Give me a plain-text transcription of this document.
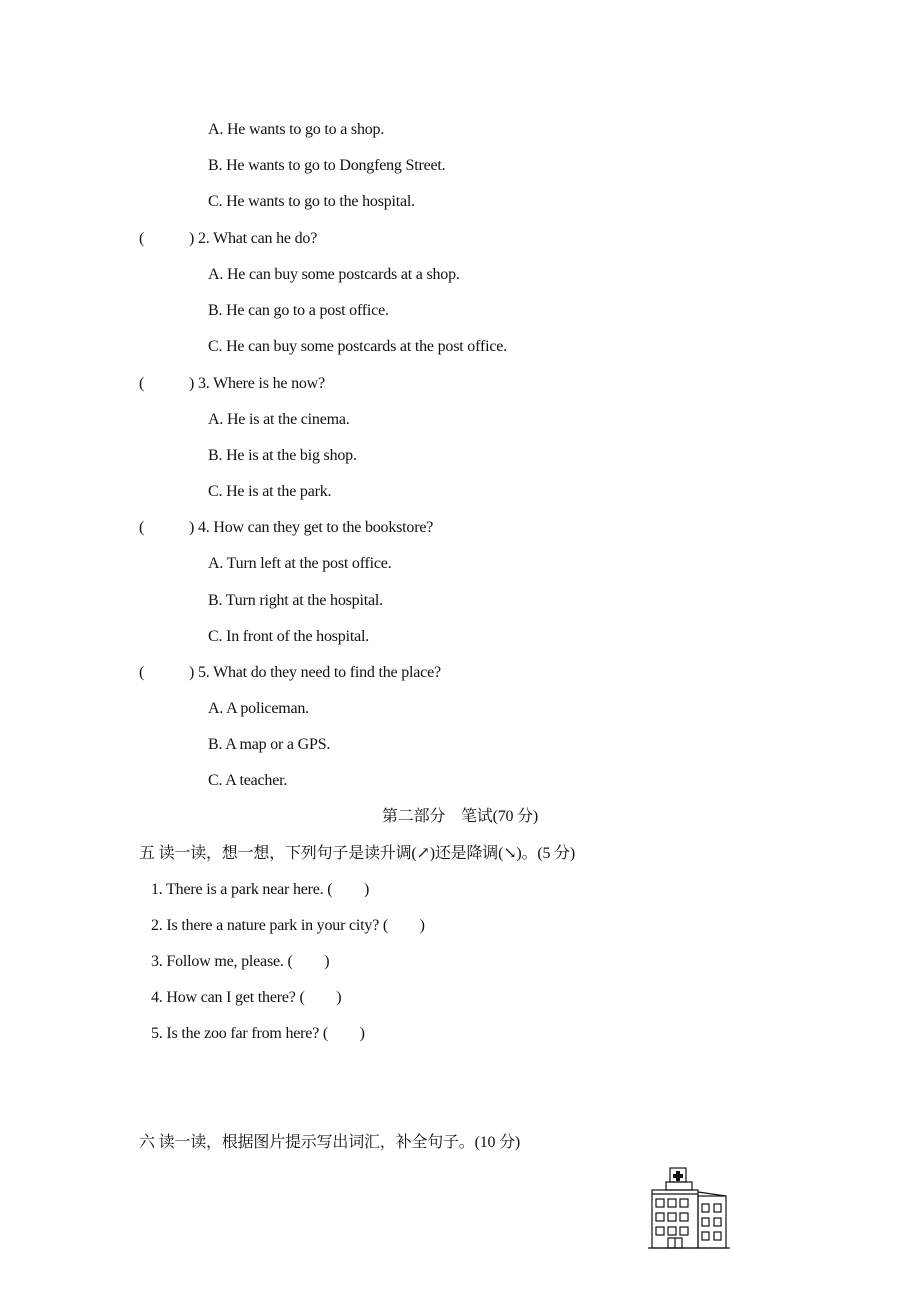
A. He wants to go to a shop.
B. He wants to go to Dongfeng Street.
C. He wants to go to the hospital.
(	) 2. What can he do?
A. He can buy some postcards at a shop.
B. He can go to a post office.
C. He can buy some postcards at the post office.
(	) 3. Where is he now?
A. He is at the cinema.
B. He is at the big shop.
C. He is at the park.
(	) 4. How can they get to the bookstore?
A. Turn left at the post office.
B. Turn right at the hospital.
C. In front of the hospital.
(	) 5. What do they need to find the place?
A. A policeman.
B. A map or a GPS.
C. A teacher.
第二部分　笔试(70 分)
五 读一读，想一想，下列句子是读升调(↗)还是降调(↘)。(5 分)
1. There is a park near here. (　　)
2. Is there a nature park in your city? (　　)
3. Follow me, please. (　　)
4. How can I get there? (　　)
5. Is the zoo far from here? (　　)
六 读一读，根据图片提示写出词汇，补全句子。(10 分)
